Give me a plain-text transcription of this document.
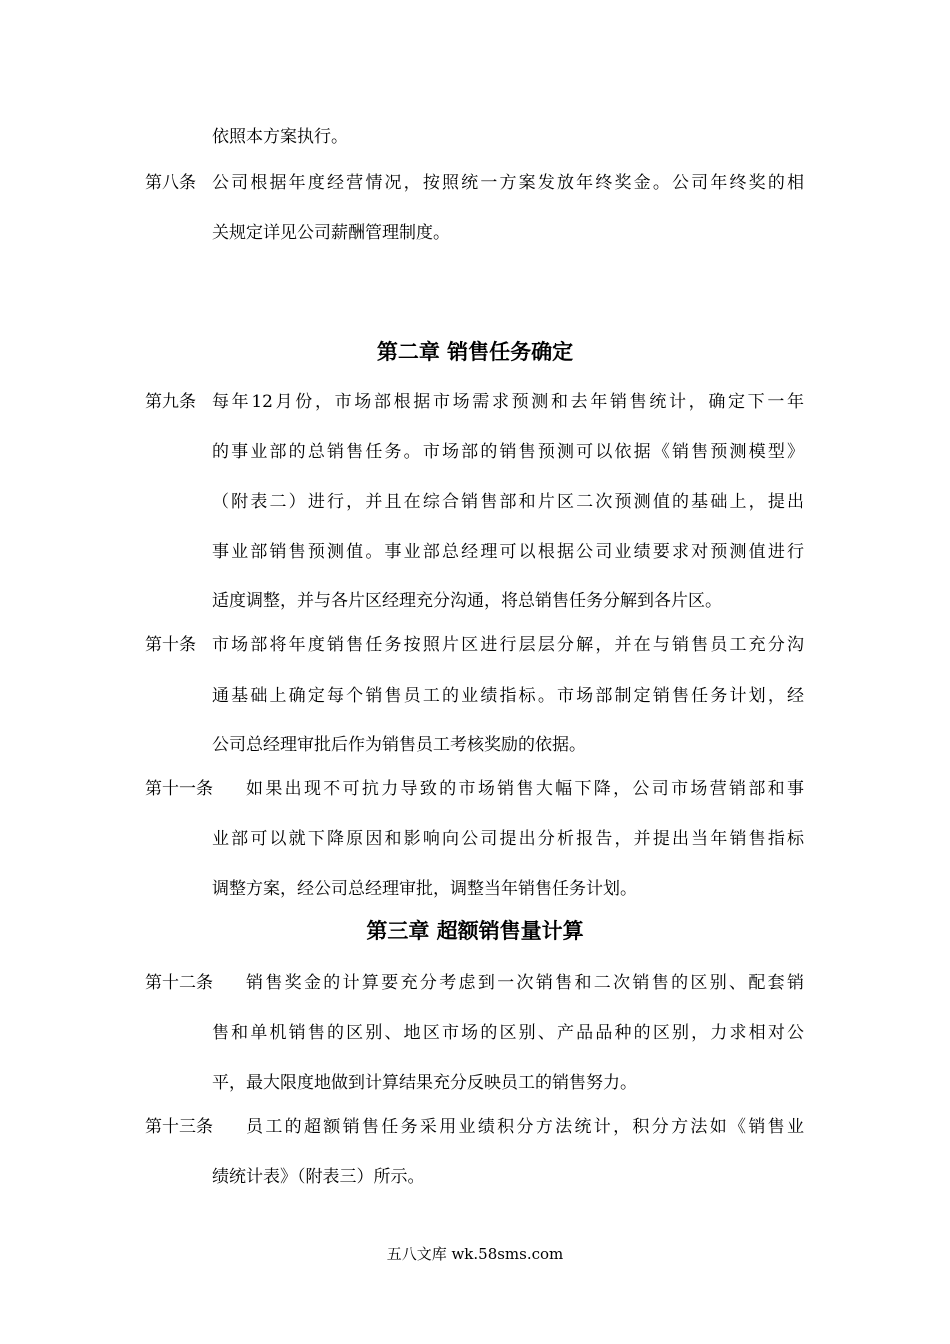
依照本方案执行。
第八条 公司根据年度经营情况，按照统一方案发放年终奖金。公司年终奖的相
关规定详见公司薪酬管理制度。
第二章 销售任务确定
第九条 每年12月份，市场部根据市场需求预测和去年销售统计，确定下一年
的事业部的总销售任务。市场部的销售预测可以依据《销售预测模型》
（附表二）进行，并且在综合销售部和片区二次预测值的基础上，提出
事业部销售预测值。事业部总经理可以根据公司业绩要求对预测值进行
适度调整，并与各片区经理充分沟通，将总销售任务分解到各片区。
第十条 市场部将年度销售任务按照片区进行层层分解，并在与销售员工充分沟
通基础上确定每个销售员工的业绩指标。市场部制定销售任务计划，经
公司总经理审批后作为销售员工考核奖励的依据。
第十一条 如果出现不可抗力导致的市场销售大幅下降，公司市场营销部和事
业部可以就下降原因和影响向公司提出分析报告，并提出当年销售指标
调整方案，经公司总经理审批，调整当年销售任务计划。
第三章 超额销售量计算
第十二条 销售奖金的计算要充分考虑到一次销售和二次销售的区别、配套销
售和单机销售的区别、地区市场的区别、产品品种的区别，力求相对公
平，最大限度地做到计算结果充分反映员工的销售努力。
第十三条 员工的超额销售任务采用业绩积分方法统计，积分方法如《销售业
绩统计表》（附表三）所示。
五八文库 wk.58sms.com
